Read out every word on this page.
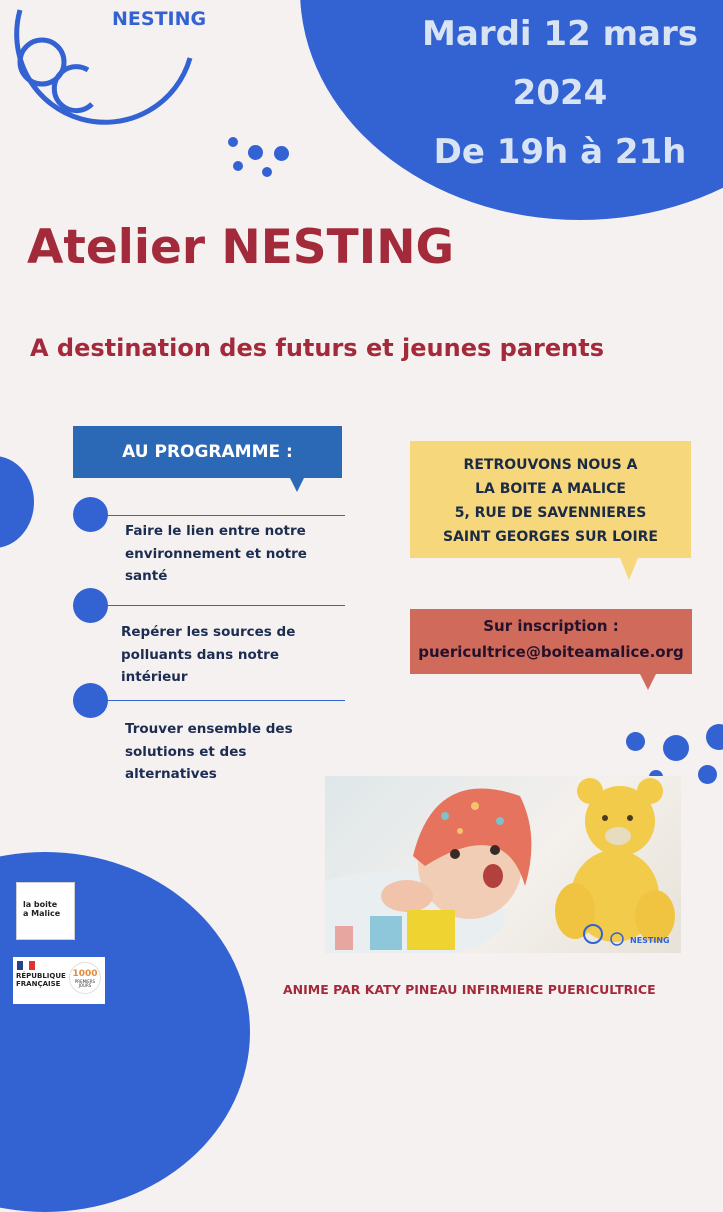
Mardi 12 mars
2024
De 19h à 21h
NESTING
Atelier NESTING
A destination des futurs et jeunes parents
AU PROGRAMME :
Faire le lien entre notre
environnement et notre
santé
Repérer les sources de
polluants dans notre
intérieur
Trouver ensemble des
solutions et des
alternatives
RETROUVONS NOUS A
LA BOITE A MALICE
5, RUE DE SAVENNIERES
SAINT GEORGES SUR LOIRE
Sur inscription :
puericultrice@boiteamalice.org
NESTING
la boite
a Malice
RÉPUBLIQUE
FRANÇAISE
1000
PREMIERS
JOURS	ANIME PAR KATY PINEAU INFIRMIERE PUERICULTRICE
